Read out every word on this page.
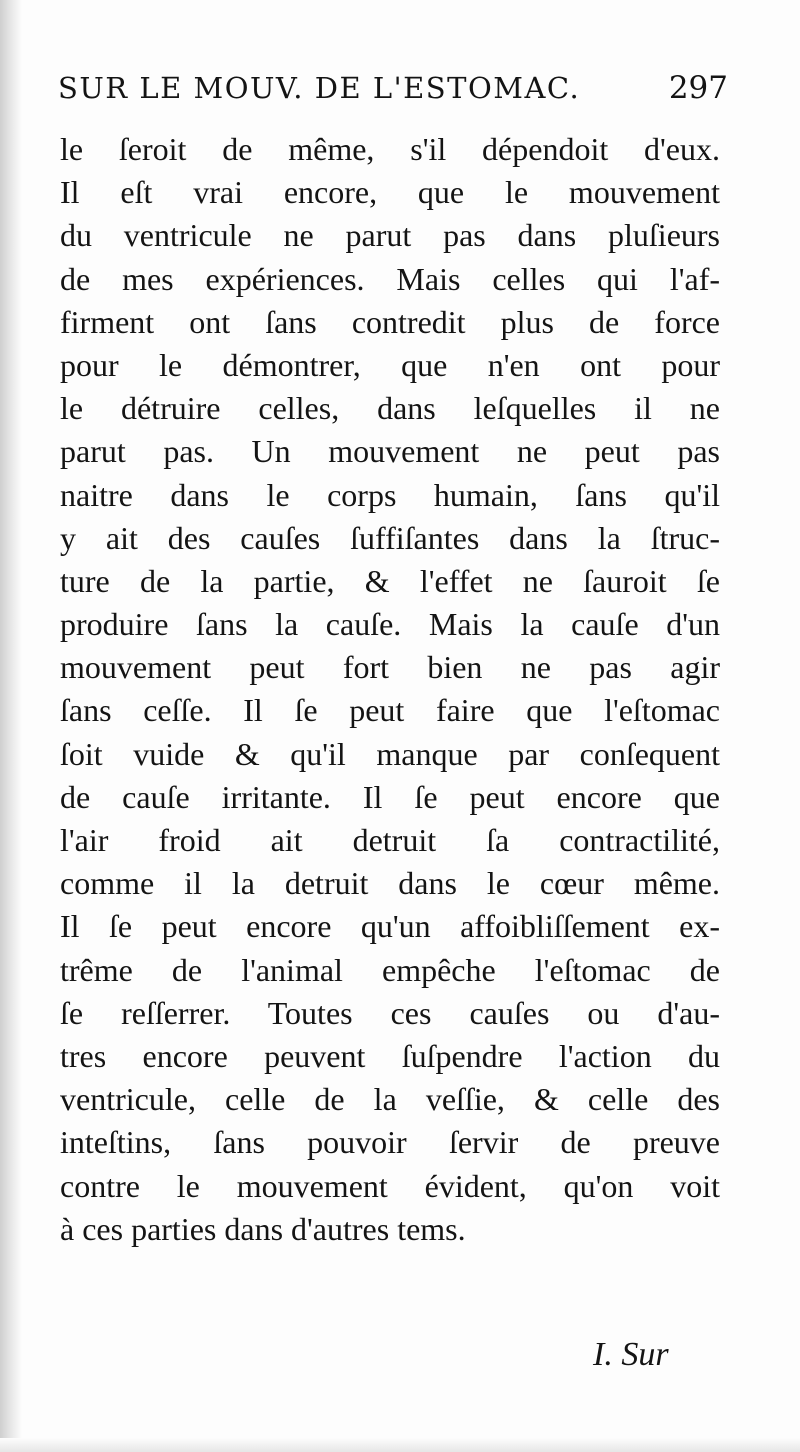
SUR LE MOUV. DE L'ESTOMAC.	297
le ſeroit de même, s'il dépendoit d'eux.
Il eſt vrai encore, que le mouvement
du ventricule ne parut pas dans pluſieurs
de mes expériences. Mais celles qui l'af-
firment ont ſans contredit plus de force
pour le démontrer, que n'en ont pour
le détruire celles, dans leſquelles il ne
parut pas. Un mouvement ne peut pas
naitre dans le corps humain, ſans qu'il
y ait des cauſes ſuffiſantes dans la ſtruc-
ture de la partie, & l'effet ne ſauroit ſe
produire ſans la cauſe. Mais la cauſe d'un
mouvement peut fort bien ne pas agir
ſans ceſſe. Il ſe peut faire que l'eſtomac
ſoit vuide & qu'il manque par conſequent
de cauſe irritante. Il ſe peut encore que
l'air froid ait detruit ſa contractilité,
comme il la detruit dans le cœur même.
Il ſe peut encore qu'un affoibliſſement ex-
trême de l'animal empêche l'eſtomac de
ſe reſſerrer. Toutes ces cauſes ou d'au-
tres encore peuvent ſuſpendre l'action du
ventricule, celle de la veſſie, & celle des
inteſtins, ſans pouvoir ſervir de preuve
contre le mouvement évident, qu'on voit
à ces parties dans d'autres tems.
I. Sur
